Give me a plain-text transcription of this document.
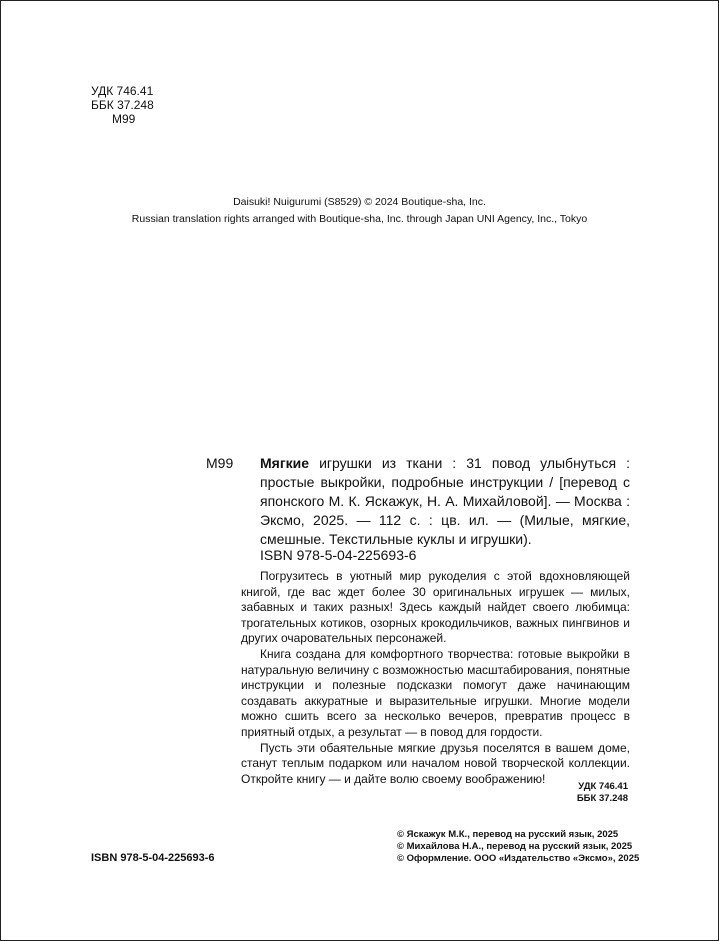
УДК 746.41
ББК 37.248
М99
Daisuki! Nuigurumi (S8529) © 2024 Boutique-sha, Inc.
Russian translation rights arranged with Boutique-sha, Inc. through Japan UNI Agency, Inc., Tokyo
М99 Мягкие игрушки из ткани : 31 повод улыбнуться : простые выкройки, подробные инструкции / [перевод с японского М. К. Яскажук, Н. А. Михайловой]. — Москва : Эксмо, 2025. — 112 с. : цв. ил. — (Милые, мягкие, смешные. Текстильные куклы и игрушки).
ISBN 978-5-04-225693-6

Погрузитесь в уютный мир рукоделия с этой вдохновляющей книгой, где вас ждет более 30 оригинальных игрушек — милых, забавных и таких разных! Здесь каждый найдет своего любимца: трогательных котиков, озорных крокодильчиков, важных пингвинов и других очаровательных персонажей.

Книга создана для комфортного творчества: готовые выкройки в натуральную величину с возможностью масштабирования, понятные инструкции и полезные подсказки помогут даже начинающим создавать аккуратные и выразительные игрушки. Многие модели можно сшить всего за несколько вечеров, превратив процесс в приятный отдых, а результат — в повод для гордости.

Пусть эти обаятельные мягкие друзья поселятся в вашем доме, станут теплым подарком или началом новой творческой коллекции. Откройте книгу — и дайте волю своему воображению!

УДК 746.41
ББК 37.248
© Яскажук М.К., перевод на русский язык, 2025
© Михайлова Н.А., перевод на русский язык, 2025
© Оформление. ООО «Издательство «Эксмо», 2025
ISBN 978-5-04-225693-6
